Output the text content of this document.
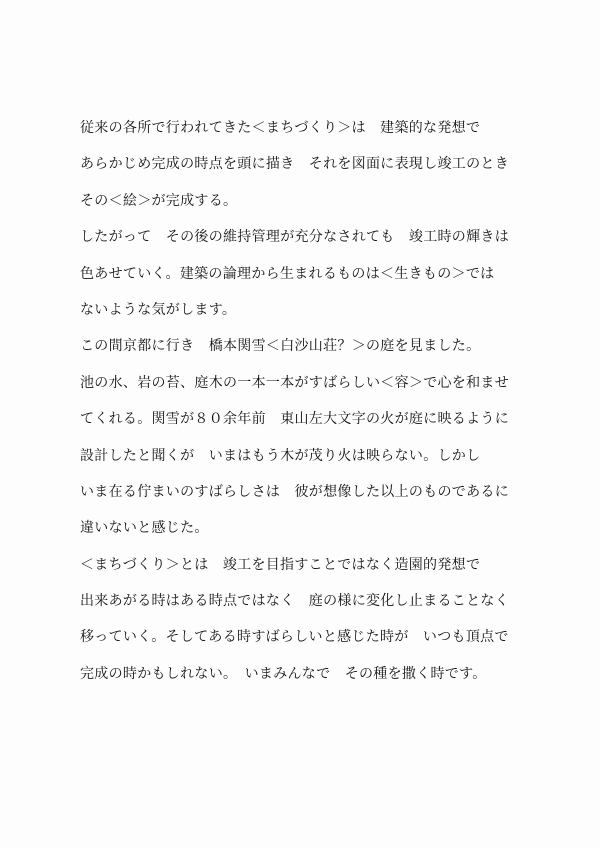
従来の各所で行われてきた＜まちづくり＞は　建築的な発想で
あらかじめ完成の時点を頭に描き　それを図面に表現し竣工のとき
その＜絵＞が完成する。
したがって　その後の維持管理が充分なされても　竣工時の輝きは
色あせていく。建築の論理から生まれるものは＜生きもの＞では
ないような気がします。
この間京都に行き　橋本関雪＜白沙山荘？＞の庭を見ました。
池の水、岩の苔、庭木の一本一本がすばらしい＜容＞で心を和ませ
てくれる。関雪が８０余年前　東山左大文字の火が庭に映るように
設計したと聞くが　いまはもう木が茂り火は映らない。しかし
いま在る佇まいのすばらしさは　彼が想像した以上のものであるに
違いないと感じた。
＜まちづくり＞とは　竣工を目指すことではなく造園的発想で
出来あがる時はある時点ではなく　庭の様に変化し止まることなく
移っていく。そしてある時すばらしいと感じた時が　いつも頂点で
完成の時かもしれない。　いまみんなで　その種を撒く時です。
